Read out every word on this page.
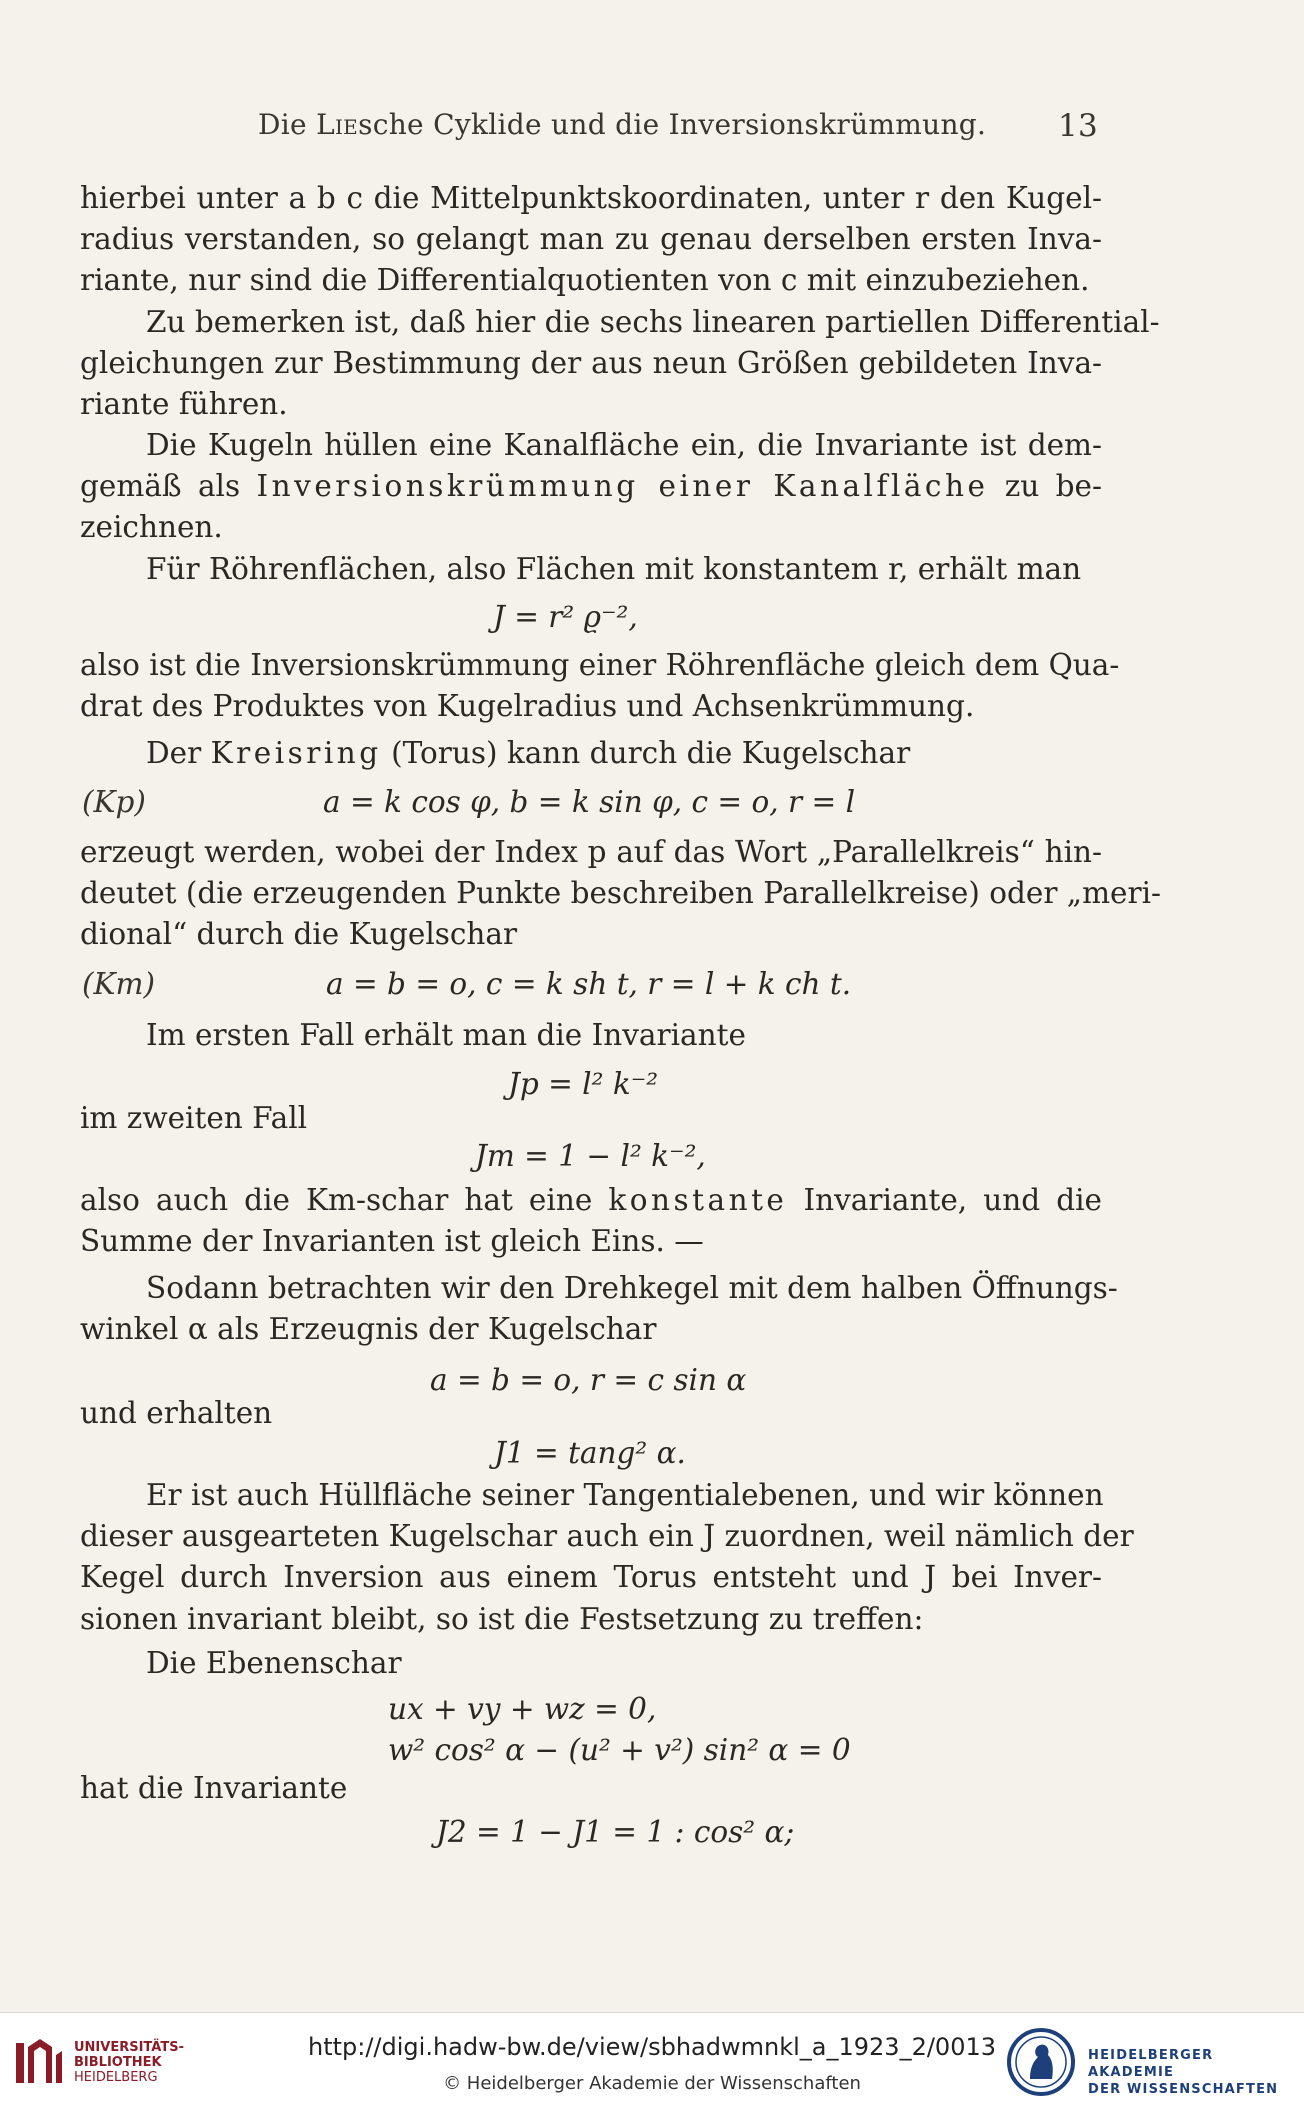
Die Liesche Cyklide und die Inversionskrümmung. 13
hierbei unter a b c die Mittelpunktskoordinaten, unter r den Kugel-
radius verstanden, so gelangt man zu genau derselben ersten Inva-
riante, nur sind die Differentialquotienten von c mit einzubeziehen.
Zu bemerken ist, daß hier die sechs linearen partiellen Differential-
gleichungen zur Bestimmung der aus neun Größen gebildeten Inva-
riante führen.
Die Kugeln hüllen eine Kanalfläche ein, die Invariante ist dem-
gemäß als Inversionskrümmung einer Kanalfläche zu be-
zeichnen.
Für Röhrenflächen, also Flächen mit konstantem r, erhält man
J = r² ϱ⁻²,
also ist die Inversionskrümmung einer Röhrenfläche gleich dem Qua-
drat des Produktes von Kugelradius und Achsenkrümmung.
Der Kreisring (Torus) kann durch die Kugelschar
(Kp)	a = k cos φ, b = k sin φ, c = o, r = l
erzeugt werden, wobei der Index p auf das Wort „Parallelkreis“ hin-
deutet (die erzeugenden Punkte beschreiben Parallelkreise) oder „meri-
dional“ durch die Kugelschar
(Km)	a = b = o, c = k sh t, r = l + k ch t.
Im ersten Fall erhält man die Invariante
Jp = l² k⁻²
im zweiten Fall
Jm = 1 − l² k⁻²,
also auch die Km-schar hat eine konstante Invariante, und die
Summe der Invarianten ist gleich Eins. —
Sodann betrachten wir den Drehkegel mit dem halben Öffnungs-
winkel α als Erzeugnis der Kugelschar
a = b = o, r = c sin α
und erhalten
J1 = tang² α.
Er ist auch Hüllfläche seiner Tangentialebenen, und wir können
dieser ausgearteten Kugelschar auch ein J zuordnen, weil nämlich der
Kegel durch Inversion aus einem Torus entsteht und J bei Inver-
sionen invariant bleibt, so ist die Festsetzung zu treffen:
Die Ebenenschar
ux + vy + wz = 0,
w² cos² α − (u² + v²) sin² α = 0
hat die Invariante
J2 = 1 − J1 = 1 : cos² α;
UNIVERSITÄTS-
BIBLIOTHEK
HEIDELBERG
http://digi.hadw-bw.de/view/sbhadwmnkl_a_1923_2/0013
© Heidelberger Akademie der Wissenschaften
HEIDELBERGER AKADEMIE
DER WISSENSCHAFTEN
